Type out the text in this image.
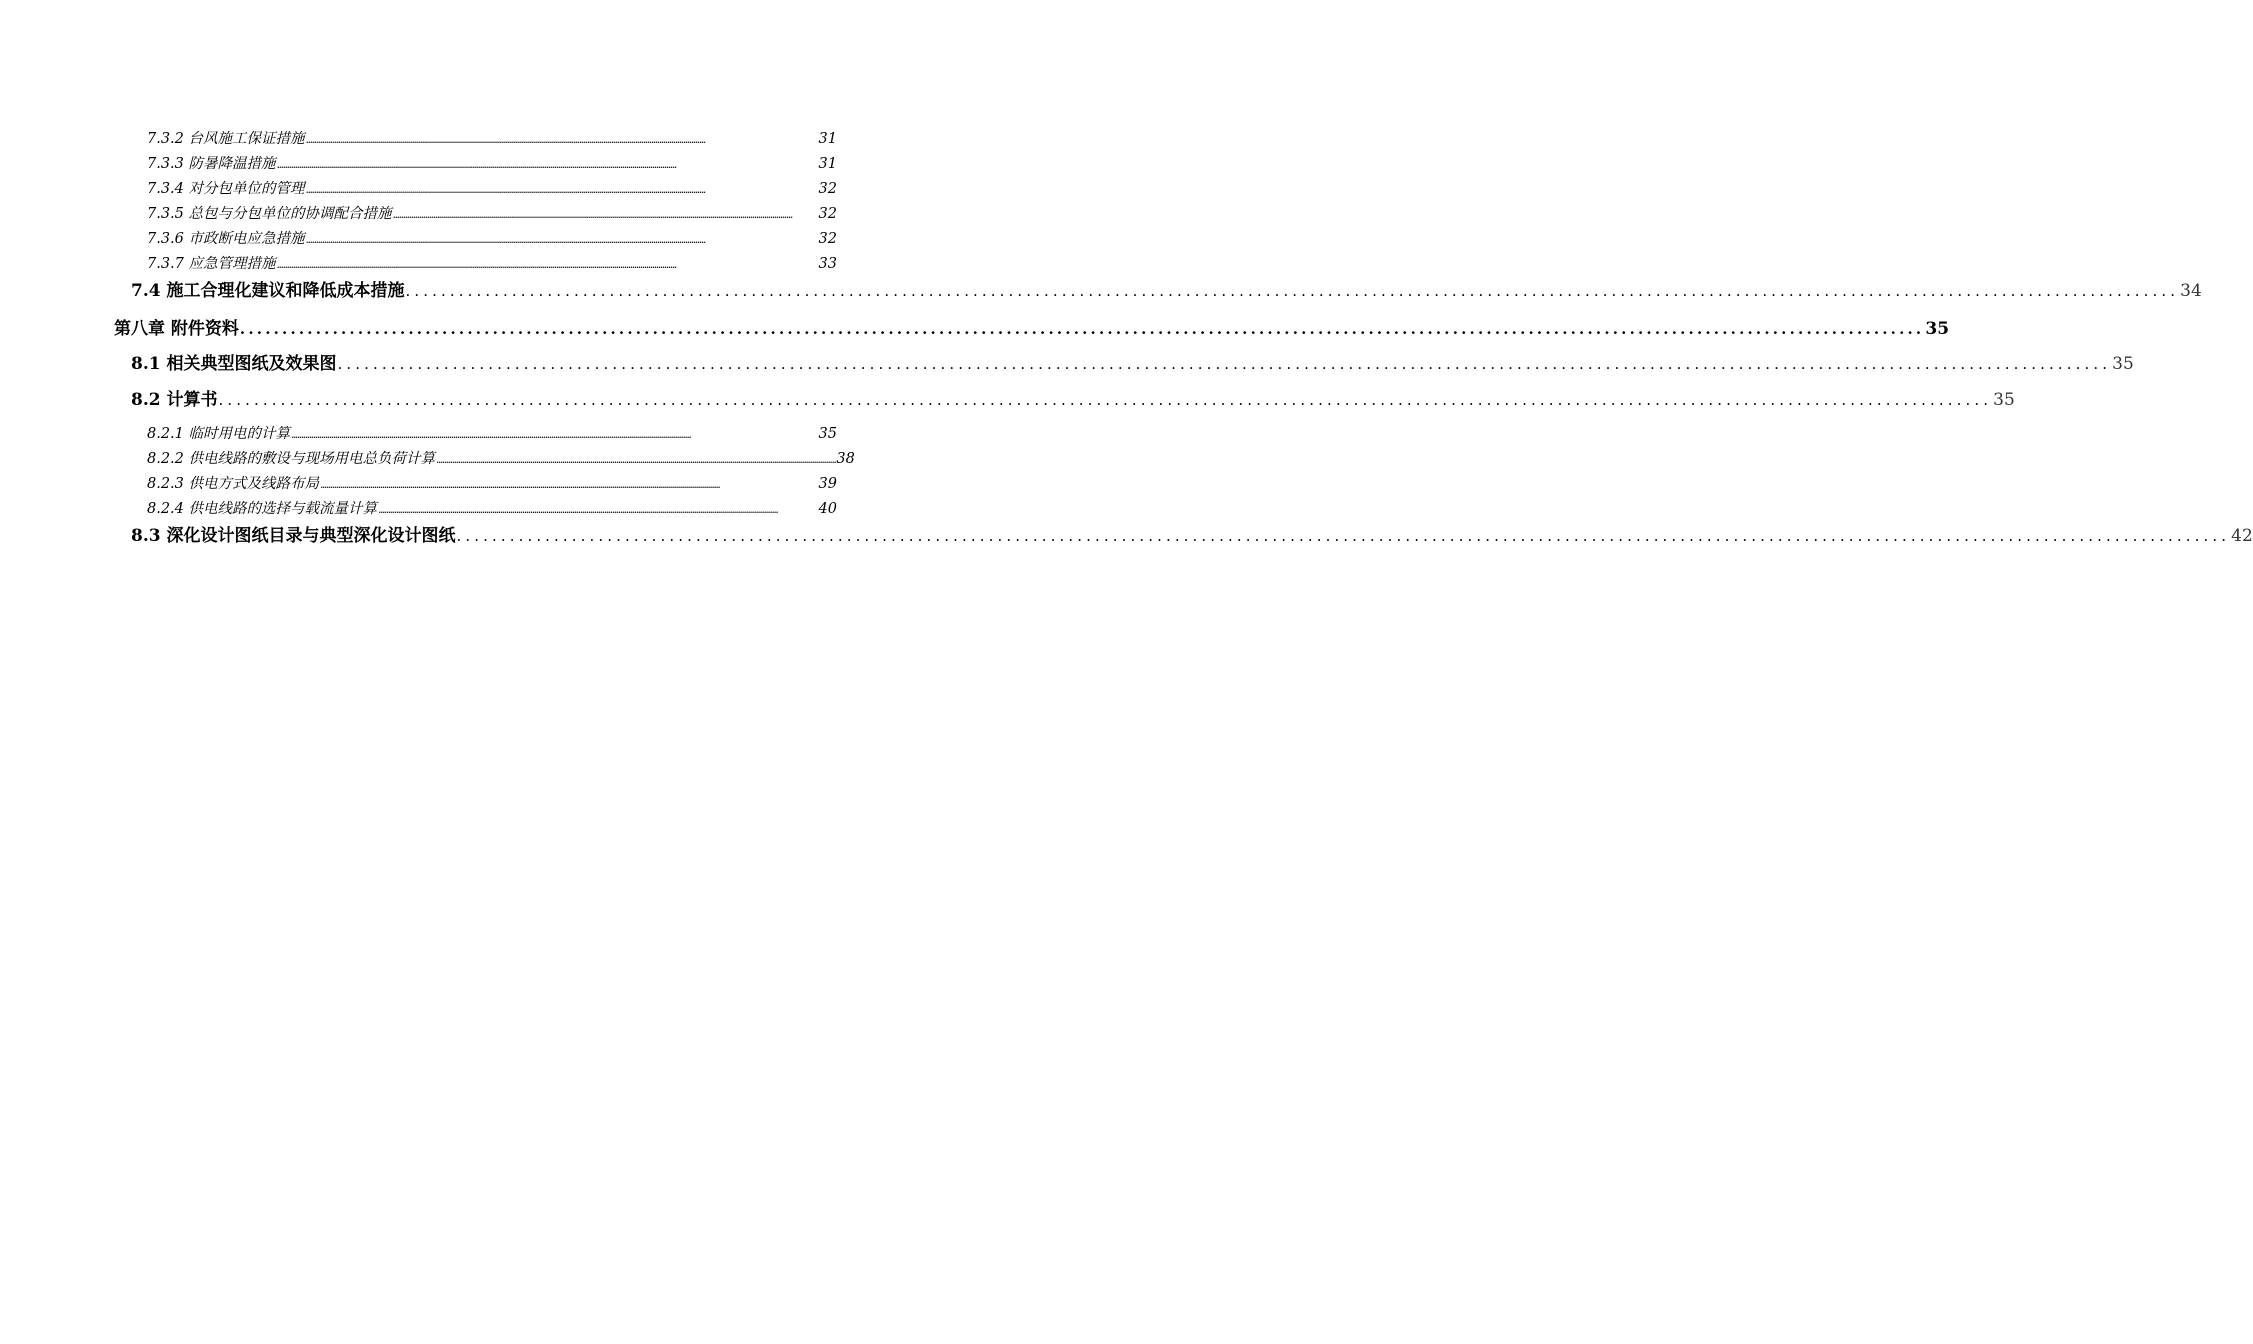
7.3.2 台风施工保证措施 ........................................................................................................................................................................................................	31
7.3.3 防暑降温措施 ........................................................................................................................................................................................................	31
7.3.4 对分包单位的管理 ........................................................................................................................................................................................................	32
7.3.5 总包与分包单位的协调配合措施 ........................................................................................................................................................................................................	32
7.3.6 市政断电应急措施 ........................................................................................................................................................................................................	32
7.3.7 应急管理措施 ........................................................................................................................................................................................................	33
7.4 施工合理化建议和降低成本措施 ........................................................................................................................................................................................................ 34
第八章 附件资料 ........................................................................................................................................................................................................ 35
8.1 相关典型图纸及效果图 ........................................................................................................................................................................................................ 35
8.2 计算书 ........................................................................................................................................................................................................ 35
8.2.1 临时用电的计算 ........................................................................................................................................................................................................	35
8.2.2 供电线路的敷设与现场用电总负荷计算 ........................................................................................................................................................................................................ 38
8.2.3 供电方式及线路布局 ........................................................................................................................................................................................................	39
8.2.4 供电线路的选择与载流量计算 ........................................................................................................................................................................................................	40
8.3 深化设计图纸目录与典型深化设计图纸 ........................................................................................................................................................................................................ 42
